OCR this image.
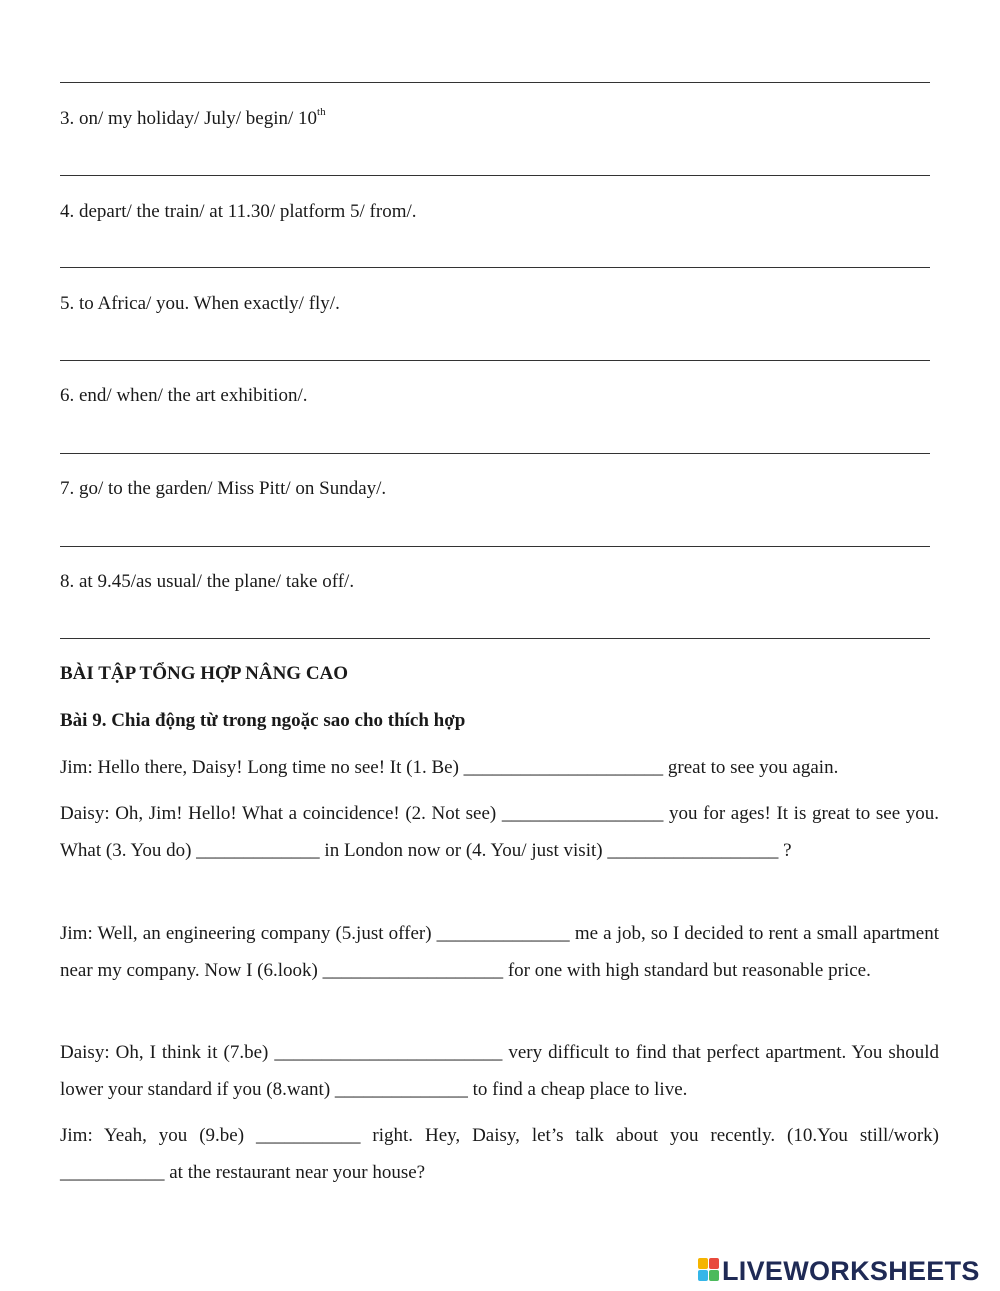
3. on/ my holiday/ July/ begin/ 10th
4. depart/ the train/ at 11.30/ platform 5/ from/.
5. to Africa/ you. When exactly/ fly/.
6. end/ when/ the art exhibition/.
7. go/ to the garden/ Miss Pitt/ on Sunday/.
8. at 9.45/as usual/ the plane/ take off/.
BÀI TẬP TỔNG HỢP NÂNG CAO
Bài 9. Chia động từ trong ngoặc sao cho thích hợp
Jim: Hello there, Daisy! Long time no see! It (1. Be) _____________________ great to see you again.
Daisy: Oh, Jim! Hello! What a coincidence! (2. Not see) _________________ you for ages! It is great to see you. What (3. You do) _____________ in London now or (4. You/ just visit) __________________ ?
Jim: Well, an engineering company (5.just offer) ______________ me a job, so I decided to rent a small apartment near my company. Now I (6.look) ___________________ for one with high standard but reasonable price.
Daisy: Oh, I think it (7.be) ________________________ very difficult to find that perfect apartment. You should lower your standard if you (8.want) ______________ to find a cheap place to live.
Jim: Yeah, you (9.be) ___________ right. Hey, Daisy, let’s talk about you recently. (10.You still/work) ___________ at the restaurant near your house?
LIVEWORKSHEETS
